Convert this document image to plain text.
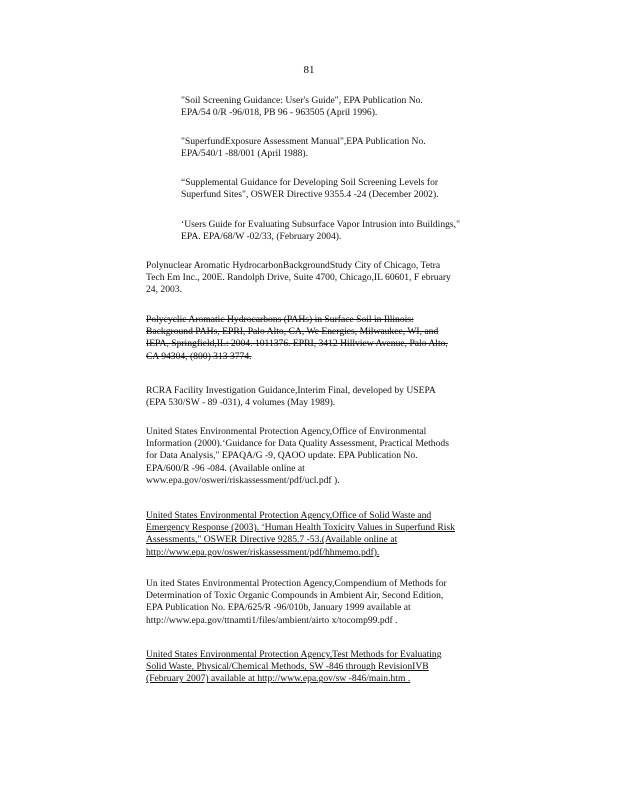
81

"Soil Screening Guidance: User's Guide", EPA Publication No.
EPA/54 0/R -96/018, PB 96 - 963505 (April 1996).

"SuperfundExposure Assessment Manual",EPA Publication No.
EPA/540/1 -88/001 (April 1988).

“Supplemental Guidance for Developing Soil Screening Levels for
Superfund Sites", OSWER Directive 9355.4 -24 (December 2002).

‘Users Guide for Evaluating Subsurface Vapor Intrusion into Buildings,"
EPA. EPA/68/W -02/33, (February 2004).

Polynuclear Aromatic HydrocarbonBackgroundStudy City of Chicago, Tetra
Tech Em Inc., 200E. Randolph Drive, Suite 4700, Chicago,IL 60601, F ebruary
24, 2003.

Polycyclic Aromatic Hydrocarbons (PAHs) in Surface Soil in Illinois:
Background PAHs, EPRI, Palo Alto, CA, We Energies, Milwaukee, WI, and
IEPA, Springfield,IL: 2004. 1011376. EPRI, 3412 Hillview Avenue, Palo Alto,
CA 94304, (800) 313 3774.

RCRA Facility Investigation Guidance,Interim Final, developed by USEPA
(EPA 530/SW - 89 -031), 4 volumes (May 1989).

United States Environmental Protection Agency,Office of Environmental
Information (2000).‘Guidance for Data Quality Assessment, Practical Methods
for Data Analysis," EPAQA/G -9, QAOO update. EPA Publication No.
EPA/600/R -96 -084. (Available online at
www.epa.gov/osweri/riskassessment/pdf/ucl.pdf ).

United States Environmental Protection Agency,Office of Solid Waste and
Emergency Response (2003). ‘Human Health Toxicity Values in Superfund Risk
Assessments," OSWER Directive 9285.7 -53.(Available online at
http://www.epa.gov/oswer/riskassessment/pdf/hhmemo.pdf).

Un ited States Environmental Protection Agency,Compendium of Methods for
Determination of Toxic Organic Compounds in Ambient Air, Second Edition,
EPA Publication No. EPA/625/R -96/010b, January 1999 available at
http://www.epa.gov/ttnamti1/files/ambient/airto x/tocomp99.pdf .

United States Environmental Protection Agency,Test Methods for Evaluating
Solid Waste, Physical/Chemical Methods, SW -846 through RevisionIVB
(February 2007) available at http://www.epa.gov/sw -846/main.htm .
